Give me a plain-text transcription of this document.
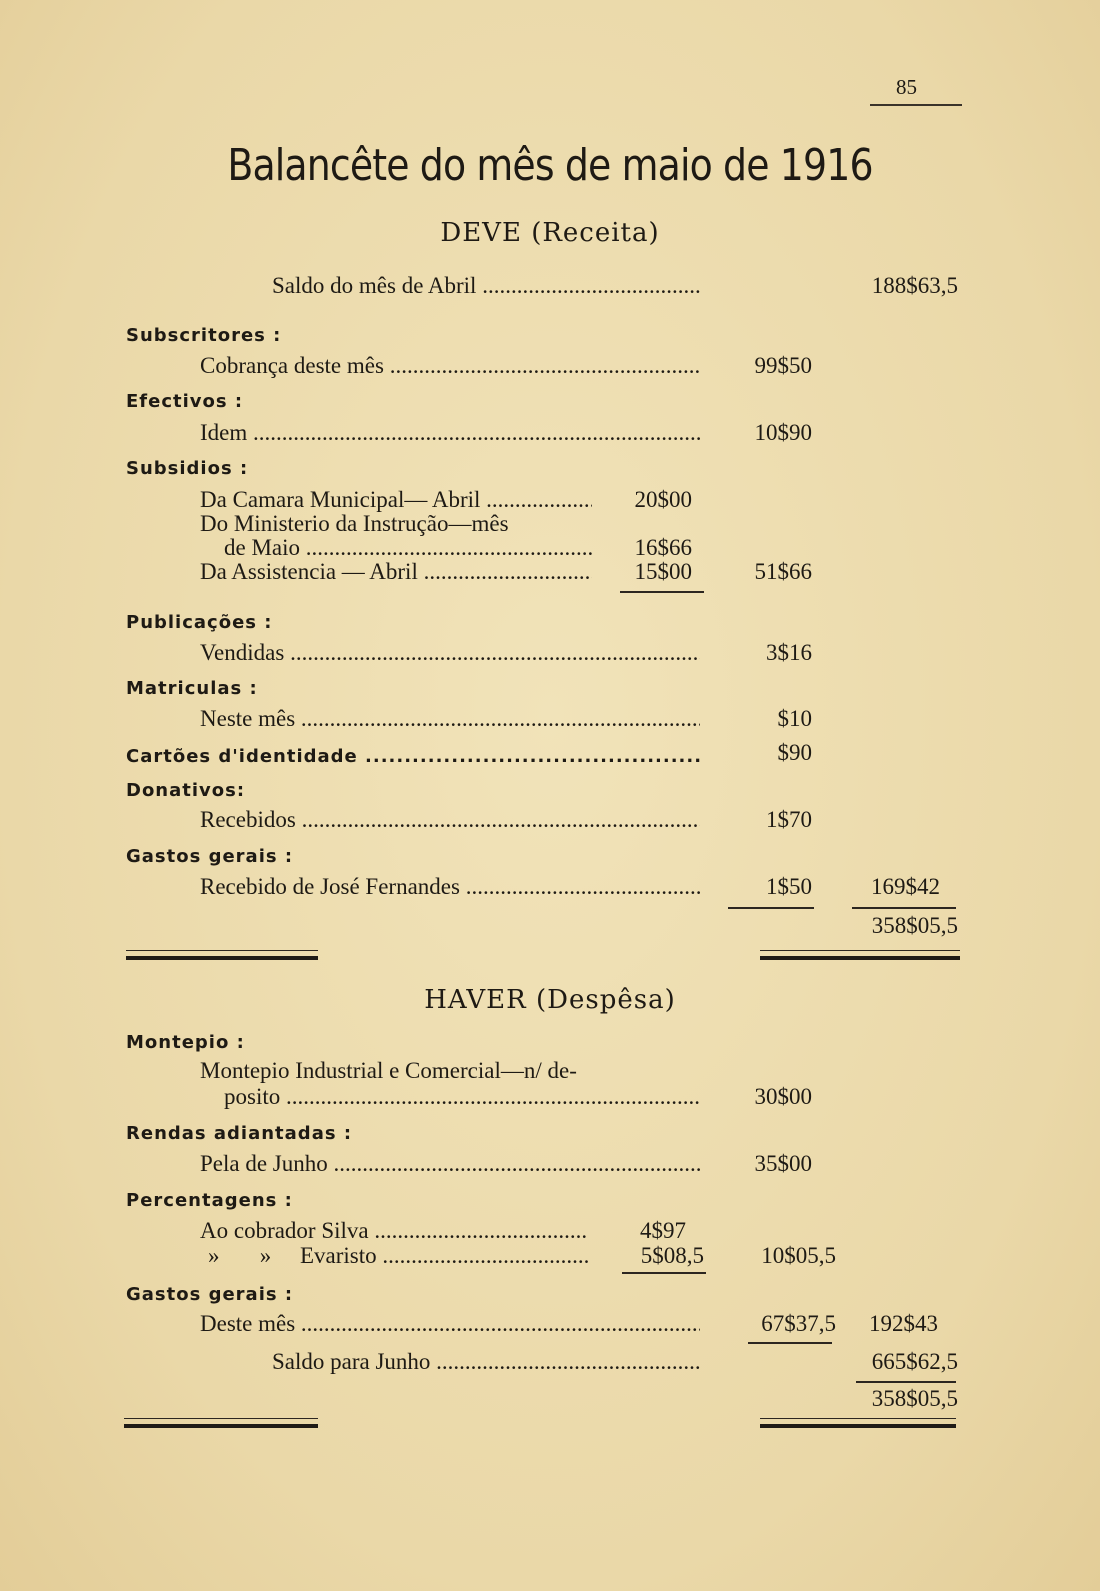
85
Balancête do mês de maio de 1916
DEVE (Receita)
Saldo do mês de Abril .....	188$63,5
Subscritores :
Cobrança deste mês .....	99$50
Efectivos :
Idem .....	10$90
Subsidios :
Da Camara Municipal— Abril .....	20$00
Do Ministerio da Instrução—mês
de Maio .....	16$66
Da Assistencia — Abril .....	15$00	51$66
Publicações :
Vendidas .....	3$16
Matriculas :
Neste mês .....	$10
Cartões d'identidade .....	$90
Donativos:
Recebidos .....	1$70
Gastos gerais :
Recebido de José Fernandes .....	1$50	169$42
358$05,5
HAVER (Despêsa)
Montepio :
Montepio Industrial e Comercial—n/ de-
posito .....	30$00
Rendas adiantadas :
Pela de Junho .....	35$00
Percentagens :
Ao cobrador Silva .....	4$97
»       »     Evaristo .....	5$08,5	10$05,5
Gastos gerais :
Deste mês .....	67$37,5	192$43
Saldo para Junho .....	665$62,5
358$05,5
